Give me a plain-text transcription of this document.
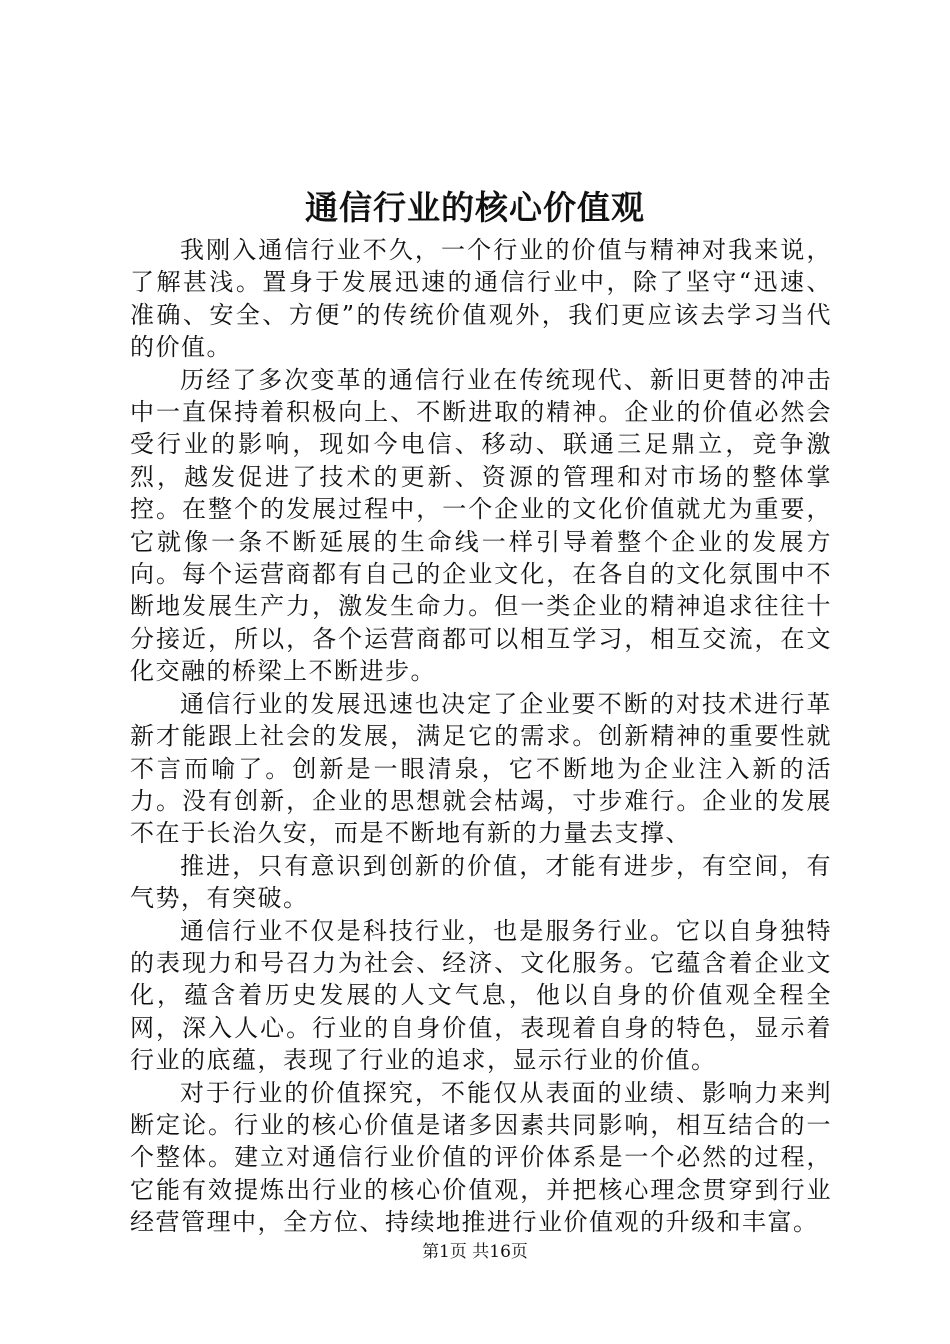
通信行业的核心价值观

我刚入通信行业不久，一个行业的价值与精神对我来说，了解甚浅。置身于发展迅速的通信行业中，除了坚守“迅速、准确、安全、方便”的传统价值观外，我们更应该去学习当代的价值。

历经了多次变革的通信行业在传统现代、新旧更替的冲击中一直保持着积极向上、不断进取的精神。企业的价值必然会受行业的影响，现如今电信、移动、联通三足鼎立，竞争激烈，越发促进了技术的更新、资源的管理和对市场的整体掌控。在整个的发展过程中，一个企业的文化价值就尤为重要，它就像一条不断延展的生命线一样引导着整个企业的发展方向。每个运营商都有自己的企业文化，在各自的文化氛围中不断地发展生产力，激发生命力。但一类企业的精神追求往往十分接近，所以，各个运营商都可以相互学习，相互交流，在文化交融的桥梁上不断进步。

通信行业的发展迅速也决定了企业要不断的对技术进行革新才能跟上社会的发展，满足它的需求。创新精神的重要性就不言而喻了。创新是一眼清泉，它不断地为企业注入新的活力。没有创新，企业的思想就会枯竭，寸步难行。企业的发展不在于长治久安，而是不断地有新的力量去支撑、

推进，只有意识到创新的价值，才能有进步，有空间，有气势，有突破。

通信行业不仅是科技行业，也是服务行业。它以自身独特的表现力和号召力为社会、经济、文化服务。它蕴含着企业文化，蕴含着历史发展的人文气息，他以自身的价值观全程全网，深入人心。行业的自身价值，表现着自身的特色，显示着行业的底蕴，表现了行业的追求，显示行业的价值。

对于行业的价值探究，不能仅从表面的业绩、影响力来判断定论。行业的核心价值是诸多因素共同影响，相互结合的一个整体。建立对通信行业价值的评价体系是一个必然的过程，它能有效提炼出行业的核心价值观，并把核心理念贯穿到行业经营管理中，全方位、持续地推进行业价值观的升级和丰富。

第1页 共16页
